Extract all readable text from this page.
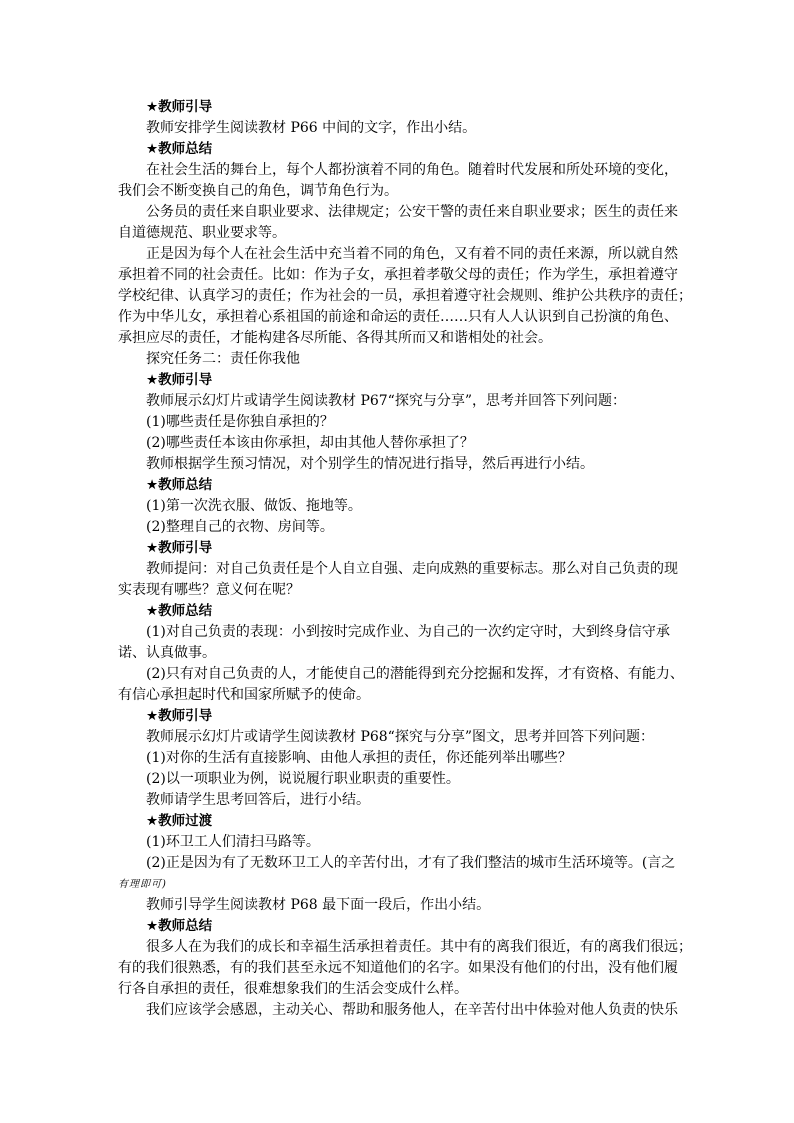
★教师引导

教师安排学生阅读教材 P66 中间的文字，作出小结。

★教师总结

在社会生活的舞台上，每个人都扮演着不同的角色。随着时代发展和所处环境的变化，

我们会不断变换自己的角色，调节角色行为。

公务员的责任来自职业要求、法律规定；公安干警的责任来自职业要求；医生的责任来

自道德规范、职业要求等。

正是因为每个人在社会生活中充当着不同的角色，又有着不同的责任来源，所以就自然

承担着不同的社会责任。比如：作为子女，承担着孝敬父母的责任；作为学生，承担着遵守

学校纪律、认真学习的责任；作为社会的一员，承担着遵守社会规则、维护公共秩序的责任；

作为中华儿女，承担着心系祖国的前途和命运的责任……只有人人认识到自己扮演的角色、

承担应尽的责任，才能构建各尽所能、各得其所而又和谐相处的社会。

探究任务二：责任你我他

★教师引导

教师展示幻灯片或请学生阅读教材 P67“探究与分享”，思考并回答下列问题：

(1)哪些责任是你独自承担的？

(2)哪些责任本该由你承担，却由其他人替你承担了？

教师根据学生预习情况，对个别学生的情况进行指导，然后再进行小结。

★教师总结

(1)第一次洗衣服、做饭、拖地等。

(2)整理自己的衣物、房间等。

★教师引导

教师提问：对自己负责任是个人自立自强、走向成熟的重要标志。那么对自己负责的现

实表现有哪些？意义何在呢？

★教师总结

(1)对自己负责的表现：小到按时完成作业、为自己的一次约定守时，大到终身信守承

诺、认真做事。

(2)只有对自己负责的人，才能使自己的潜能得到充分挖掘和发挥，才有资格、有能力、

有信心承担起时代和国家所赋予的使命。

★教师引导

教师展示幻灯片或请学生阅读教材 P68“探究与分享”图文，思考并回答下列问题：

(1)对你的生活有直接影响、由他人承担的责任，你还能列举出哪些？

(2)以一项职业为例，说说履行职业职责的重要性。

教师请学生思考回答后，进行小结。

★教师过渡

(1)环卫工人们清扫马路等。

(2)正是因为有了无数环卫工人的辛苦付出，才有了我们整洁的城市生活环境等。(言之

有理即可)

教师引导学生阅读教材 P68 最下面一段后，作出小结。

★教师总结

很多人在为我们的成长和幸福生活承担着责任。其中有的离我们很近，有的离我们很远；

有的我们很熟悉，有的我们甚至永远不知道他们的名字。如果没有他们的付出，没有他们履

行各自承担的责任，很难想象我们的生活会变成什么样。

我们应该学会感恩，主动关心、帮助和服务他人，在辛苦付出中体验对他人负责的快乐
